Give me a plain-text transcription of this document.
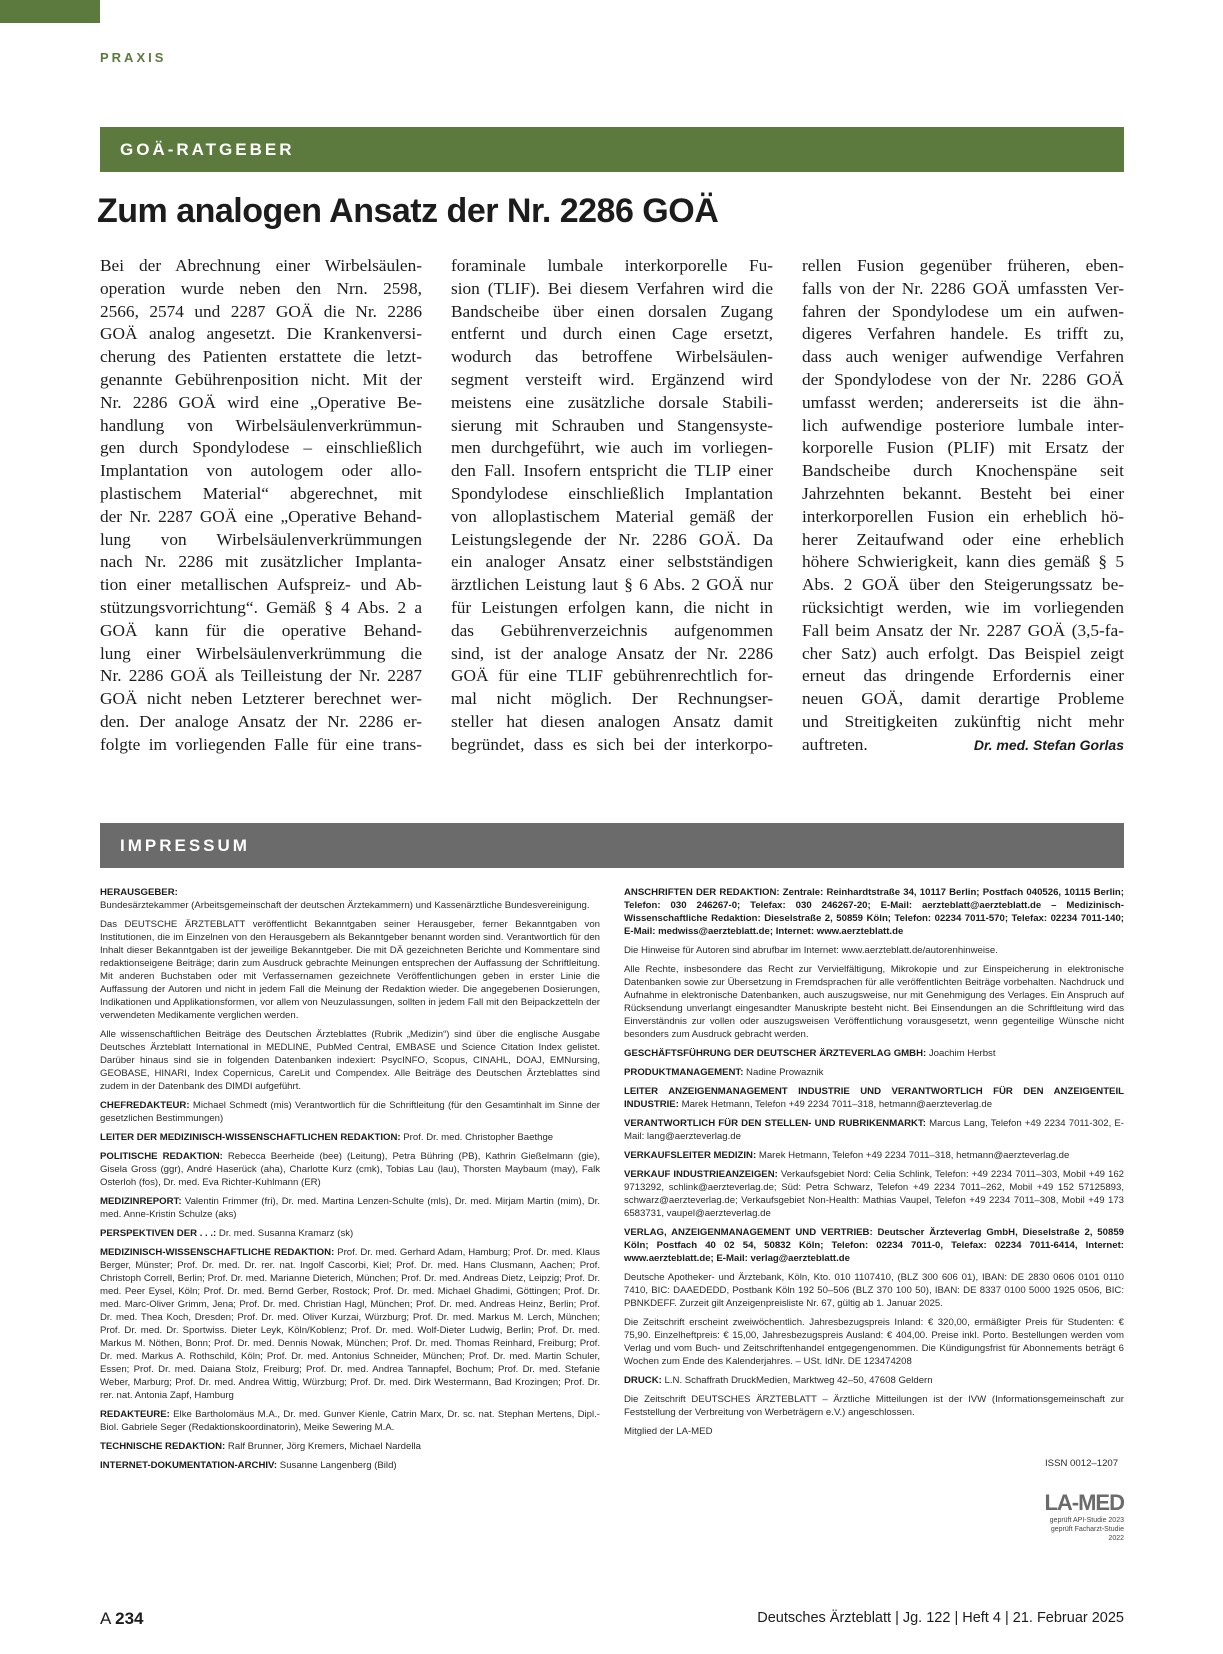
PRAXIS
GOÄ-RATGEBER
Zum analogen Ansatz der Nr. 2286 GOÄ
Bei der Abrechnung einer Wirbelsäulen-
operation wurde neben den Nrn. 2598,
2566, 2574 und 2287 GOÄ die Nr. 2286
GOÄ analog angesetzt. Die Krankenversi-
cherung des Patienten erstattete die letzt-
genannte Gebührenposition nicht. Mit der
Nr. 2286 GOÄ wird eine „Operative Be-
handlung von Wirbelsäulenverkrümmun-
gen durch Spondylodese – einschließlich
Implantation von autologem oder allo-
plastischem Material“ abgerechnet, mit
der Nr. 2287 GOÄ eine „Operative Behand-
lung von Wirbelsäulenverkrümmungen
nach Nr. 2286 mit zusätzlicher Implanta-
tion einer metallischen Aufspreiz- und Ab-
stützungsvorrichtung“. Gemäß § 4 Abs. 2 a
GOÄ kann für die operative Behand-
lung einer Wirbelsäulenverkrümmung die
Nr. 2286 GOÄ als Teilleistung der Nr. 2287
GOÄ nicht neben Letzterer berechnet wer-
den. Der analoge Ansatz der Nr. 2286 er-
folgte im vorliegenden Falle für eine trans-
foraminale lumbale interkorporelle Fu-
sion (TLIF). Bei diesem Verfahren wird die
Bandscheibe über einen dorsalen Zugang
entfernt und durch einen Cage ersetzt,
wodurch das betroffene Wirbelsäulen-
segment versteift wird. Ergänzend wird
meistens eine zusätzliche dorsale Stabili-
sierung mit Schrauben und Stangensyste-
men durchgeführt, wie auch im vorliegen-
den Fall. Insofern entspricht die TLIP einer
Spondylodese einschließlich Implantation
von alloplastischem Material gemäß der
Leistungslegende der Nr. 2286 GOÄ. Da
ein analoger Ansatz einer selbstständigen
ärztlichen Leistung laut § 6 Abs. 2 GOÄ nur
für Leistungen erfolgen kann, die nicht in
das Gebührenverzeichnis aufgenommen
sind, ist der analoge Ansatz der Nr. 2286
GOÄ für eine TLIF gebührenrechtlich for-
mal nicht möglich. Der Rechnungser-
steller hat diesen analogen Ansatz damit
begründet, dass es sich bei der interkorpo-
rellen Fusion gegenüber früheren, eben-
falls von der Nr. 2286 GOÄ umfassten Ver-
fahren der Spondylodese um ein aufwen-
digeres Verfahren handele. Es trifft zu,
dass auch weniger aufwendige Verfahren
der Spondylodese von der Nr. 2286 GOÄ
umfasst werden; andererseits ist die ähn-
lich aufwendige posteriore lumbale inter-
korporelle Fusion (PLIF) mit Ersatz der
Bandscheibe durch Knochenspäne seit
Jahrzehnten bekannt. Besteht bei einer
interkorporellen Fusion ein erheblich hö-
herer Zeitaufwand oder eine erheblich
höhere Schwierigkeit, kann dies gemäß § 5
Abs. 2 GOÄ über den Steigerungssatz be-
rücksichtigt werden, wie im vorliegenden
Fall beim Ansatz der Nr. 2287 GOÄ (3,5-fa-
cher Satz) auch erfolgt. Das Beispiel zeigt
erneut das dringende Erfordernis einer
neuen GOÄ, damit derartige Probleme
und Streitigkeiten zukünftig nicht mehr
auftreten.	Dr. med. Stefan Gorlas
IMPRESSUM

HERAUSGEBER:

Bundesärztekammer (Arbeitsgemeinschaft der deutschen Ärztekammern) und Kassenärztliche Bundesvereinigung.

Das DEUTSCHE ÄRZTEBLATT veröffentlicht Bekanntgaben seiner Herausgeber, ferner Bekanntgaben von Institutionen, die im Einzelnen von den Herausgebern als Bekanntgeber benannt worden sind. Verantwortlich für den Inhalt dieser Bekanntgaben ist der jeweilige Bekanntgeber. Die mit DÄ gezeichneten Berichte und Kommentare sind redaktionseigene Beiträge; darin zum Ausdruck gebrachte Meinungen entsprechen der Auffassung der Schriftleitung. Mit anderen Buchstaben oder mit Verfassernamen gezeichnete Veröffentlichungen geben in erster Linie die Auffassung der Autoren und nicht in jedem Fall die Meinung der Redaktion wieder. Die angegebenen Dosierungen, Indikationen und Applikationsformen, vor allem von Neuzulassungen, sollten in jedem Fall mit den Beipackzetteln der verwendeten Medikamente verglichen werden.

Alle wissenschaftlichen Beiträge des Deutschen Ärzteblattes (Rubrik „Medizin“) sind über die englische Ausgabe Deutsches Ärzteblatt International in MEDLINE, PubMed Central, EMBASE und Science Citation Index gelistet. Darüber hinaus sind sie in folgenden Datenbanken indexiert: PsycINFO, Scopus, CINAHL, DOAJ, EMNursing, GEOBASE, HINARI, Index Copernicus, CareLit und Compendex. Alle Beiträge des Deutschen Ärzteblattes sind zudem in der Datenbank des DIMDI aufgeführt.

CHEFREDAKTEUR: Michael Schmedt (mis) Verantwortlich für die Schriftleitung (für den Gesamtinhalt im Sinne der gesetzlichen Bestimmungen)

LEITER DER MEDIZINISCH-WISSENSCHAFTLICHEN REDAKTION: Prof. Dr. med. Christopher Baethge

POLITISCHE REDAKTION: Rebecca Beerheide (bee) (Leitung), Petra Bühring (PB), Kathrin Gießelmann (gie), Gisela Gross (ggr), André Haserück (aha), Charlotte Kurz (cmk), Tobias Lau (lau), Thorsten Maybaum (may), Falk Osterloh (fos), Dr. med. Eva Richter-Kuhlmann (ER)

MEDIZINREPORT: Valentin Frimmer (fri), Dr. med. Martina Lenzen-Schulte (mls), Dr. med. Mirjam Martin (mim), Dr. med. Anne-Kristin Schulze (aks)

PERSPEKTIVEN DER . . .: Dr. med. Susanna Kramarz (sk)

MEDIZINISCH-WISSENSCHAFTLICHE REDAKTION: Prof. Dr. med. Gerhard Adam, Hamburg; Prof. Dr. med. Klaus Berger, Münster; Prof. Dr. med. Dr. rer. nat. Ingolf Cascorbi, Kiel; Prof. Dr. med. Hans Clusmann, Aachen; Prof. Christoph Correll, Berlin; Prof. Dr. med. Marianne Dieterich, München; Prof. Dr. med. Andreas Dietz, Leipzig; Prof. Dr. med. Peer Eysel, Köln; Prof. Dr. med. Bernd Gerber, Rostock; Prof. Dr. med. Michael Ghadimi, Göttingen; Prof. Dr. med. Marc-Oliver Grimm, Jena; Prof. Dr. med. Christian Hagl, München; Prof. Dr. med. Andreas Heinz, Berlin; Prof. Dr. med. Thea Koch, Dresden; Prof. Dr. med. Oliver Kurzai, Würzburg; Prof. Dr. med. Markus M. Lerch, München; Prof. Dr. med. Dr. Sportwiss. Dieter Leyk, Köln/Koblenz; Prof. Dr. med. Wolf-Dieter Ludwig, Berlin; Prof. Dr. med. Markus M. Nöthen, Bonn; Prof. Dr. med. Dennis Nowak, München; Prof. Dr. med. Thomas Reinhard, Freiburg; Prof. Dr. med. Markus A. Rothschild, Köln; Prof. Dr. med. Antonius Schneider, München; Prof. Dr. med. Martin Schuler, Essen; Prof. Dr. med. Daiana Stolz, Freiburg; Prof. Dr. med. Andrea Tannapfel, Bochum; Prof. Dr. med. Stefanie Weber, Marburg; Prof. Dr. med. Andrea Wittig, Würzburg; Prof. Dr. med. Dirk Westermann, Bad Krozingen; Prof. Dr. rer. nat. Antonia Zapf, Hamburg

REDAKTEURE: Elke Bartholomäus M.A., Dr. med. Gunver Kienle, Catrin Marx, Dr. sc. nat. Stephan Mertens, Dipl.-Biol. Gabriele Seger (Redaktionskoordinatorin), Meike Sewering M.A.

TECHNISCHE REDAKTION: Ralf Brunner, Jörg Kremers, Michael Nardella

INTERNET-DOKUMENTATION-ARCHIV: Susanne Langenberg (Bild)

ANSCHRIFTEN DER REDAKTION: Zentrale: Reinhardtstraße 34, 10117 Berlin; Postfach 040526, 10115 Berlin; Telefon: 030 246267-0; Telefax: 030 246267-20; E-Mail: aerzteblatt@aerzteblatt.de – Medizinisch-Wissenschaftliche Redaktion: Dieselstraße 2, 50859 Köln; Telefon: 02234 7011-570; Telefax: 02234 7011-140; E-Mail: medwiss@aerzteblatt.de; Internet: www.aerzteblatt.de

Die Hinweise für Autoren sind abrufbar im Internet: www.aerzteblatt.de/autorenhinweise.

Alle Rechte, insbesondere das Recht zur Vervielfältigung, Mikrokopie und zur Einspeicherung in elektronische Datenbanken sowie zur Übersetzung in Fremdsprachen für alle veröffentlichten Beiträge vorbehalten. Nachdruck und Aufnahme in elektronische Datenbanken, auch auszugsweise, nur mit Genehmigung des Verlages. Ein Anspruch auf Rücksendung unverlangt eingesandter Manuskripte besteht nicht. Bei Einsendungen an die Schriftleitung wird das Einverständnis zur vollen oder auszugsweisen Veröffentlichung vorausgesetzt, wenn gegenteilige Wünsche nicht besonders zum Ausdruck gebracht werden.

GESCHÄFTSFÜHRUNG DER DEUTSCHER ÄRZTEVERLAG GMBH: Joachim Herbst

PRODUKTMANAGEMENT: Nadine Prowaznik

LEITER ANZEIGENMANAGEMENT INDUSTRIE UND VERANTWORTLICH FÜR DEN ANZEIGENTEIL INDUSTRIE: Marek Hetmann, Telefon +49 2234 7011–318, hetmann@aerzteverlag.de

VERANTWORTLICH FÜR DEN STELLEN- UND RUBRIKENMARKT: Marcus Lang, Telefon +49 2234 7011-302, E-Mail: lang@aerzteverlag.de

VERKAUFSLEITER MEDIZIN: Marek Hetmann, Telefon +49 2234 7011–318, hetmann@aerzteverlag.de

VERKAUF INDUSTRIEANZEIGEN: Verkaufsgebiet Nord: Celia Schlink, Telefon: +49 2234 7011–303, Mobil +49 162 9713292, schlink@aerzteverlag.de; Süd: Petra Schwarz, Telefon +49 2234 7011–262, Mobil +49 152 57125893, schwarz@aerzteverlag.de; Verkaufsgebiet Non-Health: Mathias Vaupel, Telefon +49 2234 7011–308, Mobil +49 173 6583731, vaupel@aerzteverlag.de

VERLAG, ANZEIGENMANAGEMENT UND VERTRIEB: Deutscher Ärzteverlag GmbH, Dieselstraße 2, 50859 Köln; Postfach 40 02 54, 50832 Köln; Telefon: 02234 7011-0, Telefax: 02234 7011-6414, Internet: www.aerzteblatt.de; E-Mail: verlag@aerzteblatt.de

Deutsche Apotheker- und Ärztebank, Köln, Kto. 010 1107410, (BLZ 300 606 01), IBAN: DE 2830 0606 0101 0110 7410, BIC: DAAEDEDD, Postbank Köln 192 50–506 (BLZ 370 100 50), IBAN: DE 8337 0100 5000 1925 0506, BIC: PBNKDEFF. Zurzeit gilt Anzeigenpreisliste Nr. 67, gültig ab 1. Januar 2025.

Die Zeitschrift erscheint zweiwöchentlich. Jahresbezugspreis Inland: € 320,00, ermäßigter Preis für Studenten: € 75,90. Einzelheftpreis: € 15,00, Jahresbezugspreis Ausland: € 404,00. Preise inkl. Porto. Bestellungen werden vom Verlag und vom Buch- und Zeitschriftenhandel entgegengenommen. Die Kündigungsfrist für Abonnements beträgt 6 Wochen zum Ende des Kalenderjahres. – USt. IdNr. DE 123474208

DRUCK: L.N. Schaffrath DruckMedien, Marktweg 42–50, 47608 Geldern

Die Zeitschrift DEUTSCHES ÄRZTEBLATT – Ärztliche Mitteilungen ist der IVW (Informationsgemeinschaft zur Feststellung der Verbreitung von Werbeträgern e.V.) angeschlossen.

Mitglied der LA-MED

ISSN 0012–1207
LA-MED
geprüft API-Studie 2023
geprüft Facharzt-Studie 2022
A 234	Deutsches Ärzteblatt | Jg. 122 | Heft 4 | 21. Februar 2025
